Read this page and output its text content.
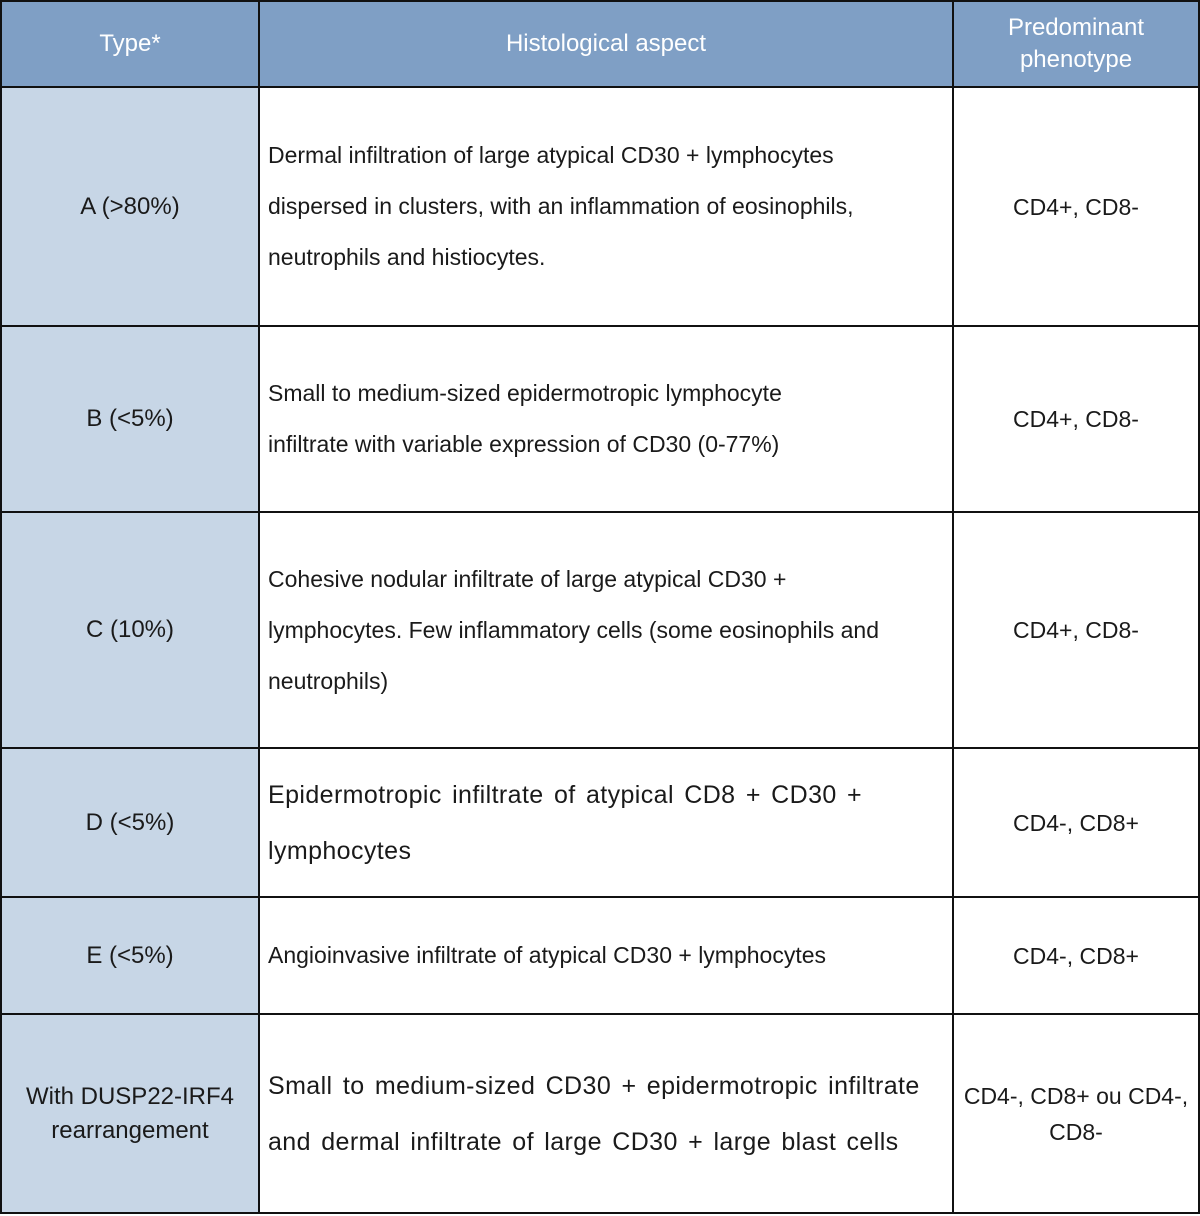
Type*	Histological aspect	Predominant phenotype
A (>80%)	Dermal infiltration of large atypical CD30 + lymphocytes dispersed in clusters, with an inflammation of eosinophils, neutrophils and histiocytes.	CD4+, CD8-
B (<5%)	Small to medium-sized epidermotropic lymphocyte infiltrate with variable expression of CD30 (0-77%)	CD4+, CD8-
C (10%)	Cohesive nodular infiltrate of large atypical CD30 + lymphocytes. Few inflammatory cells (some eosinophils and neutrophils)	CD4+, CD8-
D (<5%)	Epidermotropic infiltrate of atypical CD8 + CD30 + lymphocytes	CD4-, CD8+
E (<5%)	Angioinvasive infiltrate of atypical CD30 + lymphocytes	CD4-, CD8+
With DUSP22-IRF4 rearrangement	Small to medium-sized CD30 + epidermotropic infiltrate and dermal infiltrate of large CD30 + large blast cells	CD4-, CD8+ ou CD4-, CD8-
